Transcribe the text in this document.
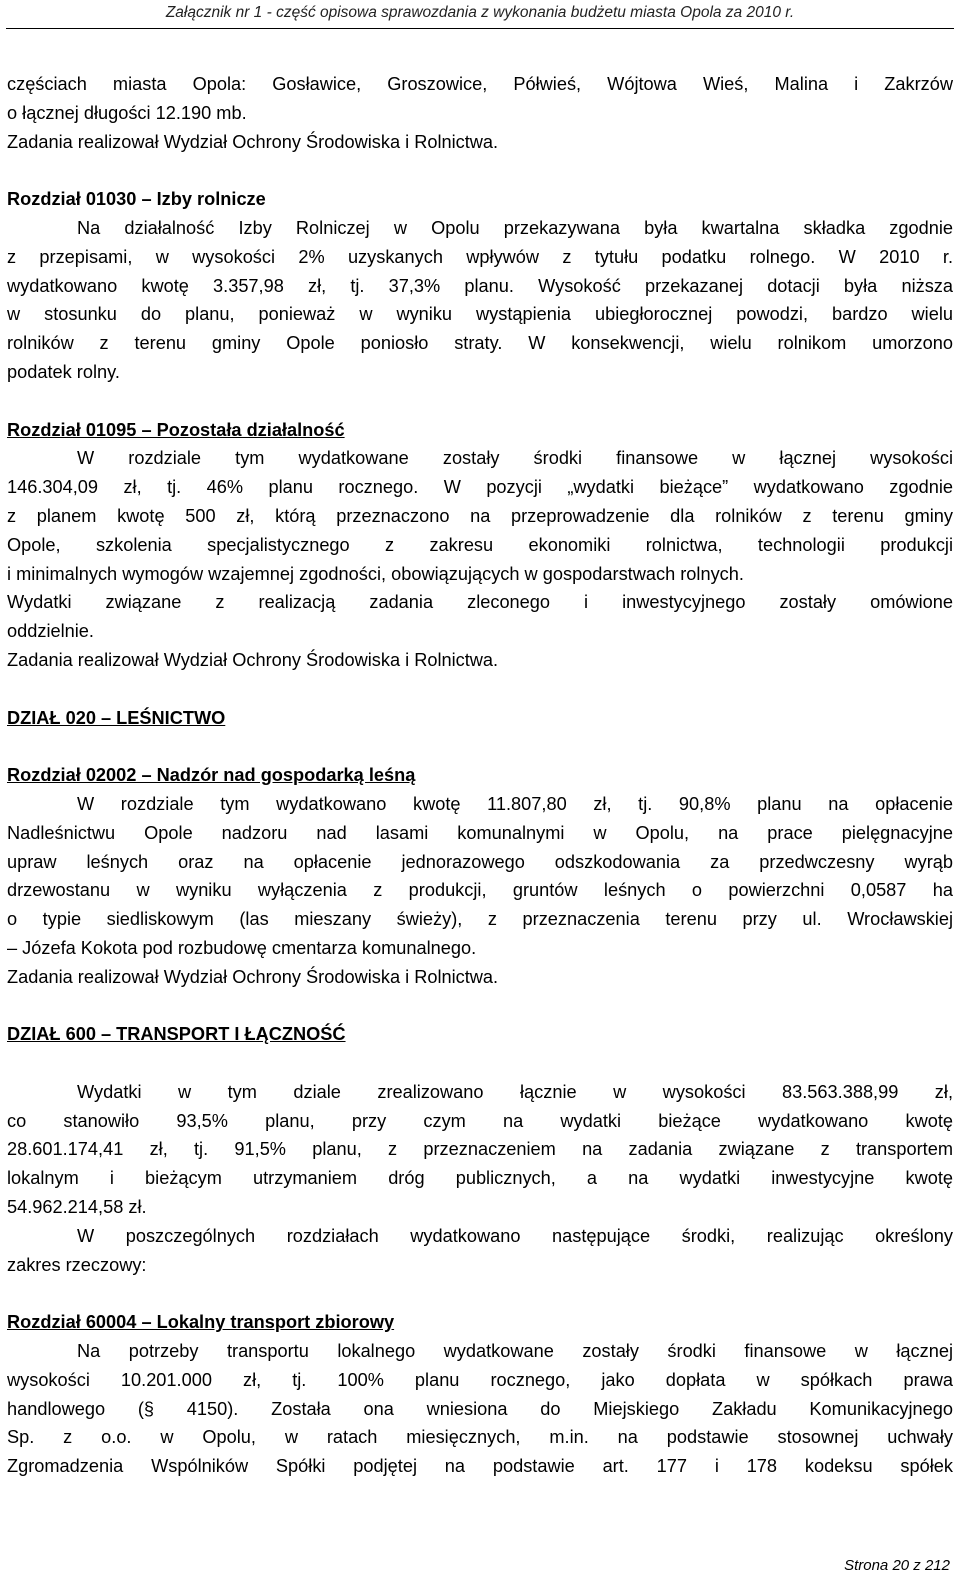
Załącznik nr 1 - część opisowa sprawozdania z wykonania budżetu miasta Opola za 2010 r.

częściach miasta Opola: Gosławice, Groszowice, Półwieś, Wójtowa Wieś, Malina i Zakrzów

o łącznej długości 12.190 mb.

Zadania realizował Wydział Ochrony Środowiska i Rolnictwa.

Rozdział 01030 – Izby rolnicze

Na działalność Izby Rolniczej w Opolu przekazywana była kwartalna składka zgodnie

z przepisami, w wysokości 2% uzyskanych wpływów z tytułu podatku rolnego. W 2010 r.

wydatkowano kwotę 3.357,98 zł, tj. 37,3% planu. Wysokość przekazanej dotacji była niższa

w stosunku do planu, ponieważ w wyniku wystąpienia ubiegłorocznej powodzi, bardzo wielu

rolników z terenu gminy Opole poniosło straty. W konsekwencji, wielu rolnikom umorzono

podatek rolny.

Rozdział 01095 – Pozostała działalność

W rozdziale tym wydatkowane zostały środki finansowe w łącznej wysokości

146.304,09 zł, tj. 46% planu rocznego. W pozycji „wydatki bieżące” wydatkowano zgodnie

z planem kwotę 500 zł, którą przeznaczono na przeprowadzenie dla rolników z terenu gminy

Opole, szkolenia specjalistycznego z zakresu ekonomiki rolnictwa, technologii produkcji

i minimalnych wymogów wzajemnej zgodności, obowiązujących w gospodarstwach rolnych.

Wydatki związane z realizacją zadania zleconego i inwestycyjnego zostały omówione

oddzielnie.

Zadania realizował Wydział Ochrony Środowiska i Rolnictwa.

DZIAŁ 020 – LEŚNICTWO

Rozdział 02002 – Nadzór nad gospodarką leśną

W rozdziale tym wydatkowano kwotę 11.807,80 zł, tj. 90,8% planu na opłacenie

Nadleśnictwu Opole nadzoru nad lasami komunalnymi w Opolu, na prace pielęgnacyjne

upraw leśnych oraz na opłacenie jednorazowego odszkodowania za przedwczesny wyrąb

drzewostanu w wyniku wyłączenia z produkcji, gruntów leśnych o powierzchni 0,0587 ha

o typie siedliskowym (las mieszany świeży), z przeznaczenia terenu przy ul. Wrocławskiej

– Józefa Kokota pod rozbudowę cmentarza komunalnego.

Zadania realizował Wydział Ochrony Środowiska i Rolnictwa.

DZIAŁ 600 – TRANSPORT I ŁĄCZNOŚĆ

Wydatki w tym dziale zrealizowano łącznie w wysokości 83.563.388,99 zł,

co stanowiło 93,5% planu, przy czym na wydatki bieżące wydatkowano kwotę

28.601.174,41 zł, tj. 91,5% planu, z przeznaczeniem na zadania związane z transportem

lokalnym i bieżącym utrzymaniem dróg publicznych, a na wydatki inwestycyjne kwotę

54.962.214,58 zł.

W poszczególnych rozdziałach wydatkowano następujące środki, realizując określony

zakres rzeczowy:

Rozdział 60004 – Lokalny transport zbiorowy

Na potrzeby transportu lokalnego wydatkowane zostały środki finansowe w łącznej

wysokości 10.201.000 zł, tj. 100% planu rocznego, jako dopłata w spółkach prawa

handlowego (§ 4150). Została ona wniesiona do Miejskiego Zakładu Komunikacyjnego

Sp. z o.o. w Opolu, w ratach miesięcznych, m.in. na podstawie stosownej uchwały

Zgromadzenia Wspólników Spółki podjętej na podstawie art. 177 i 178 kodeksu spółek

Strona 20 z 212
